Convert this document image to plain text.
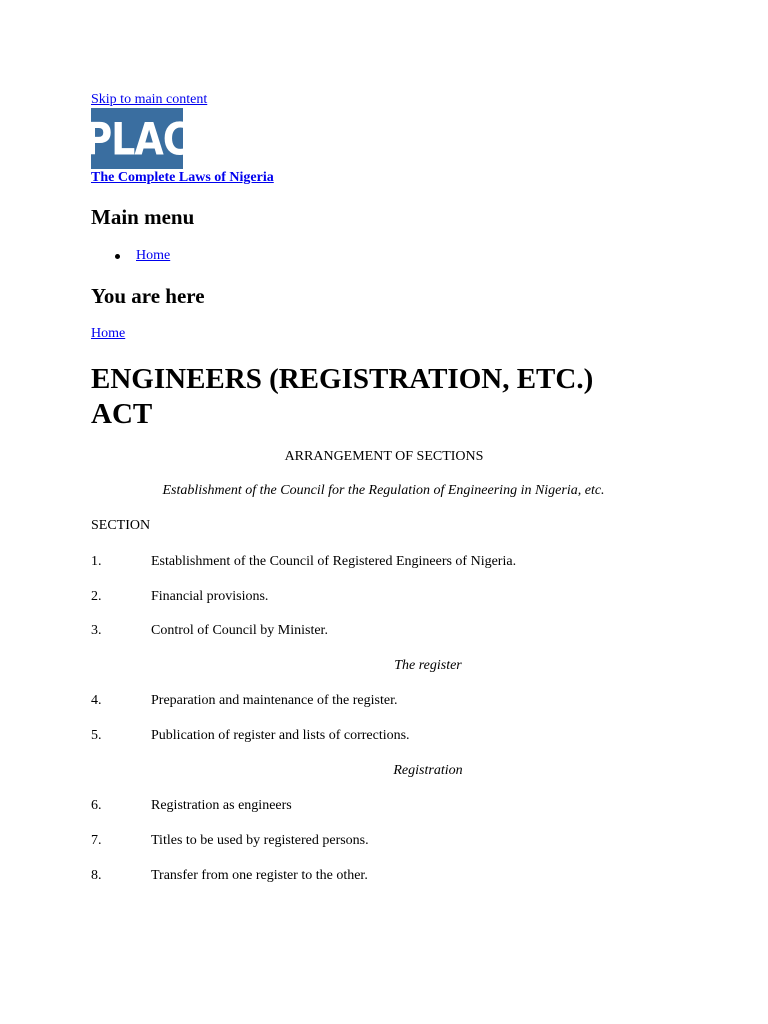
Skip to main content
PLAC
The Complete Laws of Nigeria
Main menu
Home
You are here
Home
ENGINEERS (REGISTRATION, ETC.) ACT
ARRANGEMENT OF SECTIONS
Establishment of the Council for the Regulation of Engineering in Nigeria, etc.
SECTION
1.	Establishment of the Council of Registered Engineers of Nigeria.
2.	Financial provisions.
3.	Control of Council by Minister.
The register
4.	Preparation and maintenance of the register.
5.	Publication of register and lists of corrections.
Registration
6.	Registration as engineers
7.	Titles to be used by registered persons.
8.	Transfer from one register to the other.
